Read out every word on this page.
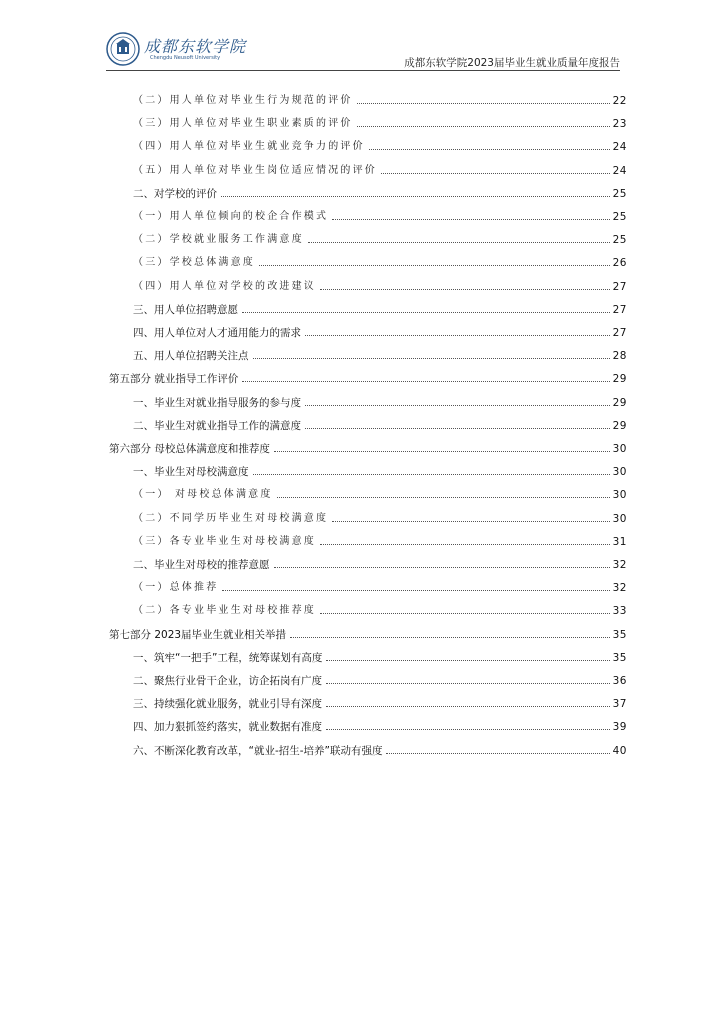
成都东软学院
Chengdu Neusoft University	成都东软学院2023届毕业生就业质量年度报告
（二）用人单位对毕业生行为规范的评价	22
（三）用人单位对毕业生职业素质的评价	23
（四）用人单位对毕业生就业竞争力的评价	24
（五）用人单位对毕业生岗位适应情况的评价	24
二、对学校的评价	25
（一）用人单位倾向的校企合作模式	25
（二）学校就业服务工作满意度	25
（三）学校总体满意度	26
（四）用人单位对学校的改进建议	27
三、用人单位招聘意愿	27
四、用人单位对人才通用能力的需求	27
五、用人单位招聘关注点	28
第五部分 就业指导工作评价	29
一、毕业生对就业指导服务的参与度	29
二、毕业生对就业指导工作的满意度	29
第六部分 母校总体满意度和推荐度	30
一、毕业生对母校满意度	30
（一） 对母校总体满意度	30
（二）不同学历毕业生对母校满意度	30
（三）各专业毕业生对母校满意度	31
二、毕业生对母校的推荐意愿	32
（一）总体推荐	32
（二）各专业毕业生对母校推荐度	33
第七部分 2023届毕业生就业相关举措	35
一、筑牢“一把手”工程，统筹谋划有高度	35
二、聚焦行业骨干企业，访企拓岗有广度	36
三、持续强化就业服务，就业引导有深度	37
四、加力狠抓签约落实，就业数据有准度	39
六、不断深化教育改革，“就业-招生-培养”联动有强度	40
